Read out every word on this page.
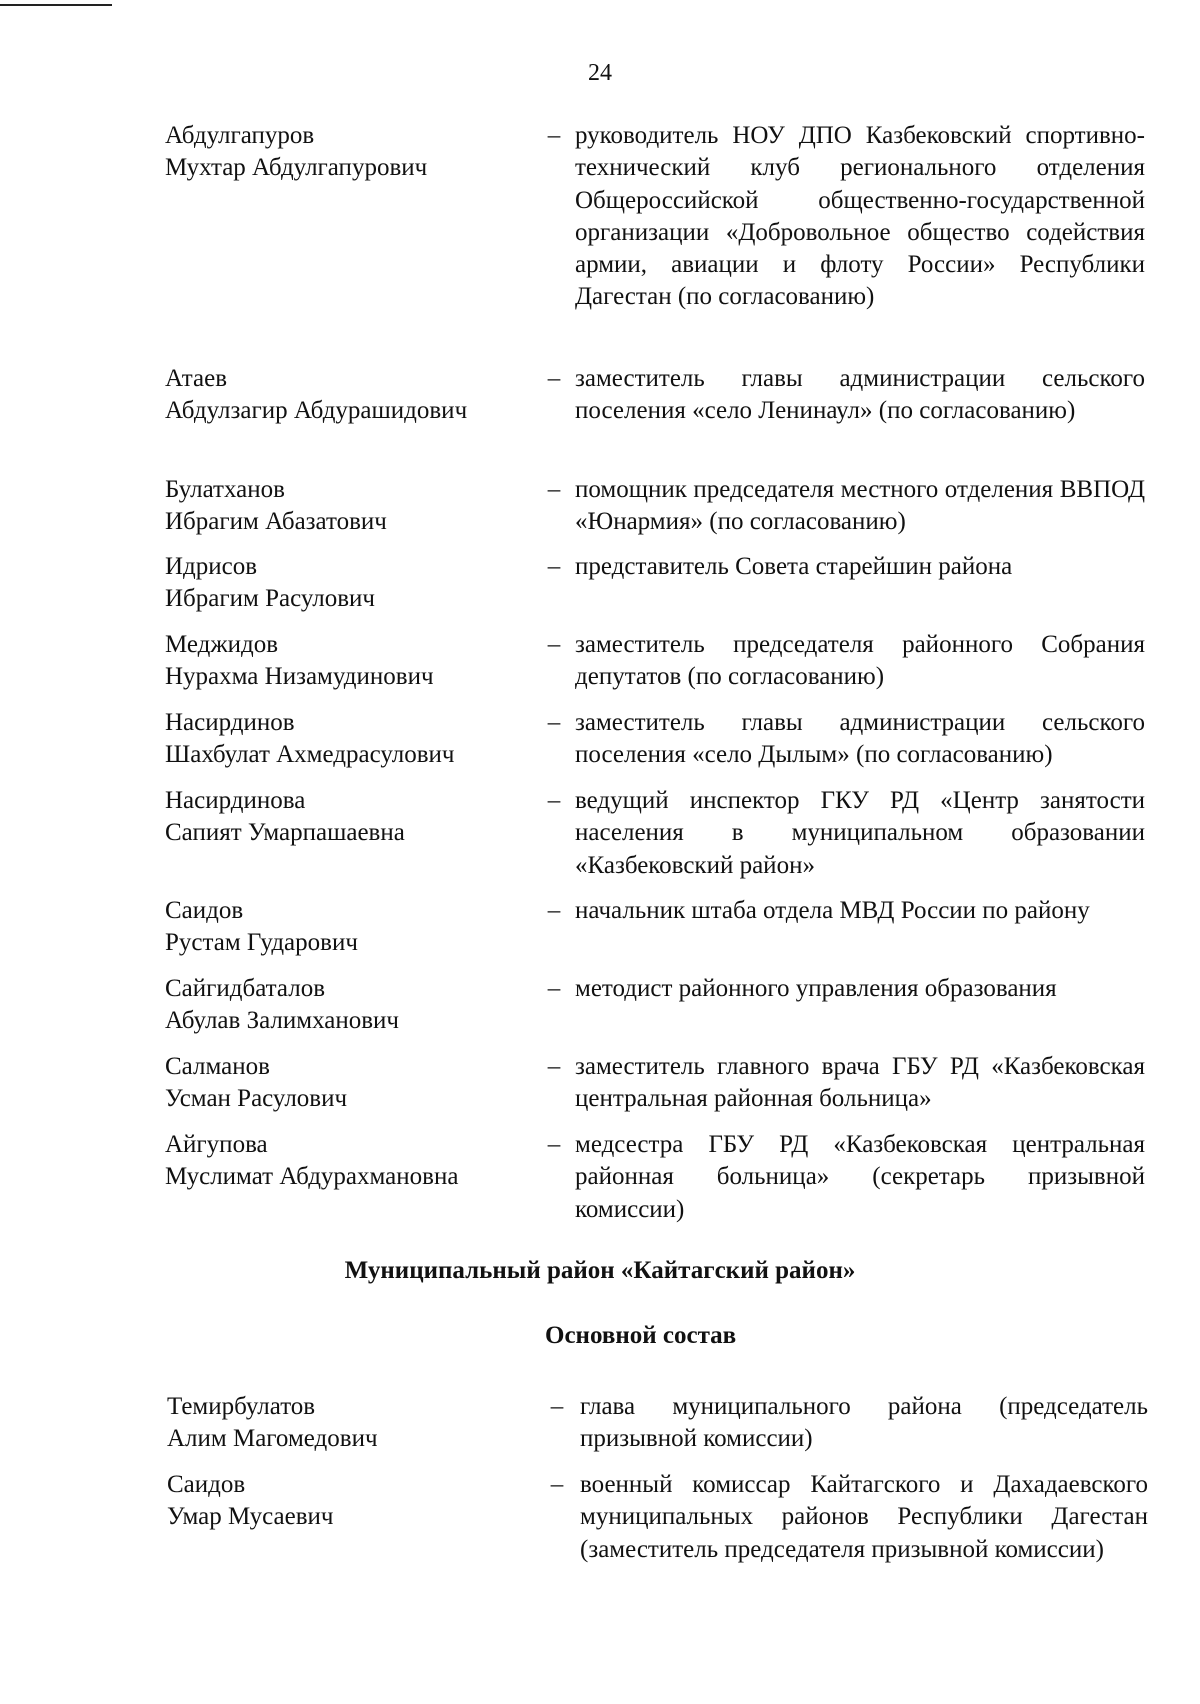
24
Абдулгапуров
Мухтар Абдулгапурович
– руководитель НОУ ДПО Казбековский спортивно-технический клуб регионального отделения Общероссийской общественно-государственной организации «Добровольное общество содействия армии, авиации и флоту России» Республики Дагестан (по согласованию)
Атаев
Абдулзагир Абдурашидович
– заместитель главы администрации сельского поселения «село Ленинаул» (по согласованию)
Булатханов
Ибрагим Абазатович
– помощник председателя местного отделения ВВПОД «Юнармия» (по согласованию)
Идрисов
Ибрагим Расулович
– представитель Совета старейшин района
Меджидов
Нурахма Низамудинович
– заместитель председателя районного Собрания депутатов (по согласованию)
Насирдинов
Шахбулат Ахмедрасулович
– заместитель главы администрации сельского поселения «село Дылым» (по согласованию)
Насирдинова
Сапият Умарпашаевна
– ведущий инспектор ГКУ РД «Центр занятости населения в муниципальном образовании «Казбековский район»
Саидов
Рустам Гударович
– начальник штаба отдела МВД России по району
Сайгидбаталов
Абулав Залимханович
– методист районного управления образования
Салманов
Усман Расулович
– заместитель главного врача ГБУ РД «Казбековская центральная районная больница»
Айгупова
Муслимат Абдурахмановна
– медсестра ГБУ РД «Казбековская центральная районная больница» (секретарь призывной комиссии)
Муниципальный район «Кайтагский район»
Основной состав
Темирбулатов
Алим Магомедович
– глава муниципального района (председатель призывной комиссии)
Саидов
Умар Мусаевич
– военный комиссар Кайтагского и Дахадаевского муниципальных районов Республики Дагестан (заместитель председателя призывной комиссии)
